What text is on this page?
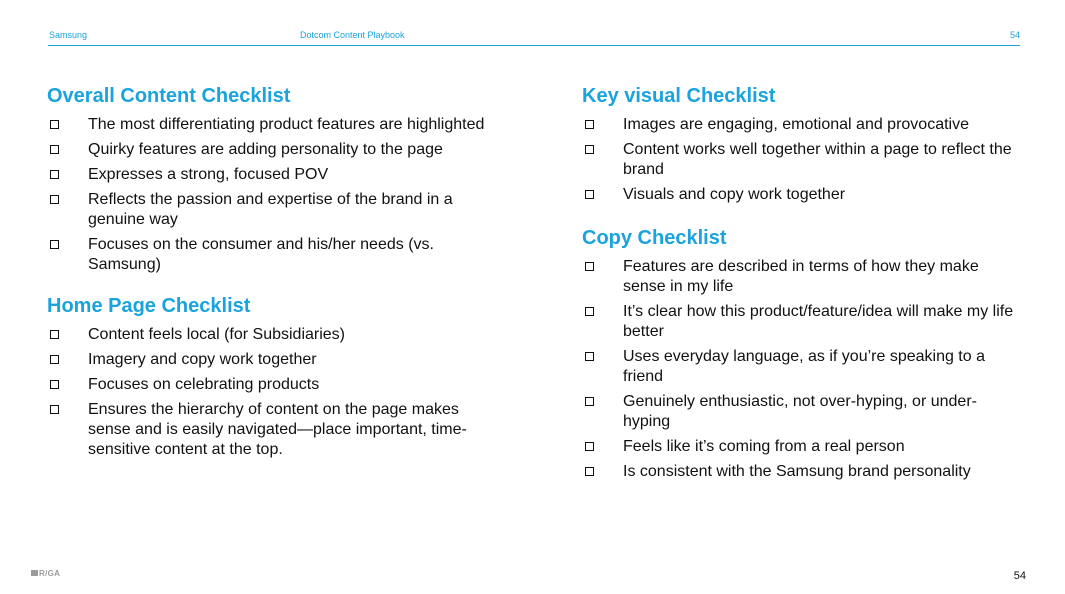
Samsung	Dotcom Content Playbook	54
Overall Content Checklist
The most differentiating product features are highlighted
Quirky features are adding personality to the page
Expresses a strong, focused POV
Reflects the passion and expertise of the brand in a genuine way
Focuses on the consumer and his/her needs (vs. Samsung)
Home Page Checklist
Content feels local (for Subsidiaries)
Imagery and copy work together
Focuses on celebrating products
Ensures the hierarchy of content on the page makes sense and is easily navigated—place important, time-sensitive content at the top.
Key visual Checklist
Images are engaging, emotional and provocative
Content works well together within a page to reflect the brand
Visuals and copy work together
Copy Checklist
Features are described in terms of how they make sense in my life
It’s clear how this product/feature/idea will make my life better
Uses everyday language, as if you’re speaking to a friend
Genuinely enthusiastic, not over-hyping, or under-hyping
Feels like it’s coming from a real person
Is consistent with the Samsung brand personality
R/GA	54
